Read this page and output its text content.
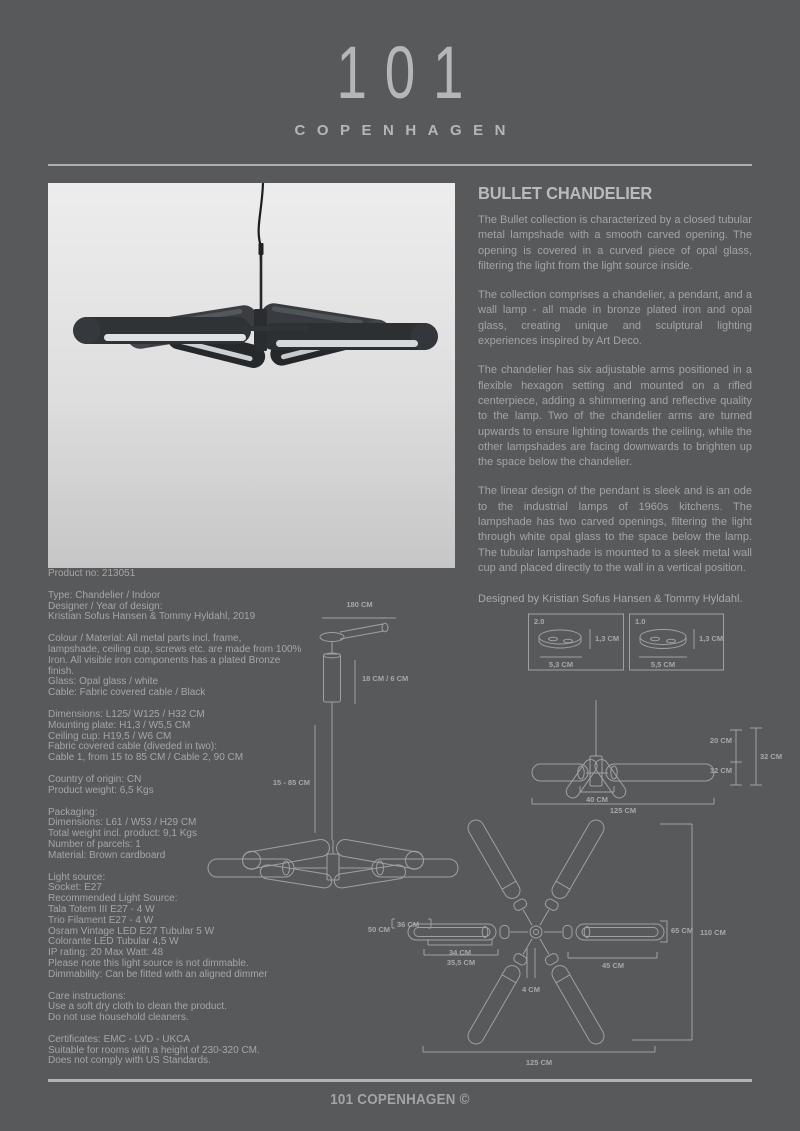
101
COPENHAGEN
BULLET CHANDELIER
The Bullet collection is characterized by a closed tubular metal lampshade with a smooth carved opening. The opening is covered in a curved piece of opal glass, filtering the light from the light source inside.
The collection comprises a chandelier, a pendant, and a wall lamp - all made in bronze plated iron and opal glass, creating unique and sculptural lighting experiences inspired by Art Deco.
The chandelier has six adjustable arms positioned in a flexible hexagon setting and mounted on a rifled centerpiece, adding a shimmering and reflective quality to the lamp. Two of the chandelier arms are turned upwards to ensure lighting towards the ceiling, while the other lampshades are facing downwards to brighten up the space below the chandelier.
The linear design of the pendant is sleek and is an ode to the industrial lamps of 1960s kitchens. The lampshade has two carved openings, filtering the light through white opal glass to the space below the lamp. The tubular lampshade is mounted to a sleek metal wall cup and placed directly to the wall in a vertical position.
Designed by Kristian Sofus Hansen & Tommy Hyldahl.
Product no: 213051
Type: Chandelier / Indoor
Designer / Year of design:
Kristian Sofus Hansen & Tommy Hyldahl, 2019
Colour / Material: All metal parts incl. frame,
lampshade, ceiling cup, screws etc. are made from 100%
Iron. All visible iron components has a plated Bronze
finish.
Glass: Opal glass / white
Cable: Fabric covered cable / Black
Dimensions: L125/ W125 / H32 CM
Mounting plate: H1,3 / W5,5 CM
Ceiling cup: H19,5 / W6 CM
Fabric covered cable (diveded in two):
Cable 1, from 15 to 85 CM / Cable 2, 90 CM
Country of origin: CN
Product weight: 6,5 Kgs
Packaging:
Dimensions: L61 / W53 / H29 CM
Total weight incl. product: 9,1 Kgs
Number of parcels: 1
Material: Brown cardboard
Light source:
Socket: E27
Recommended Light Source:
Tala Totem III E27 - 4 W
Trio Filament E27 - 4 W
Osram Vintage LED E27 Tubular 5 W
Colorante LED Tubular 4,5 W
IP rating: 20 Max Watt: 48
Please note this light source is not dimmable.
Dimmability: Can be fitted with an aligned dimmer
Care instructions:
Use a soft dry cloth to clean the product.
Do not use household cleaners.
Certificates: EMC - LVD - UKCA
Suitable for rooms with a height of 230-320 CM.
Does not comply with US Standards.
180 CM
18 CM / 6 CM
15 - 85 CM
2.0
1,3 CM
5,3 CM
1.0
1,3 CM
5,5 CM
20 CM
12 CM
32 CM
40 CM
125 CM
50 CM
36 CM
34 CM
35,5 CM
4 CM
45 CM
65 CM 110 CM
125 CM
101 COPENHAGEN ©
